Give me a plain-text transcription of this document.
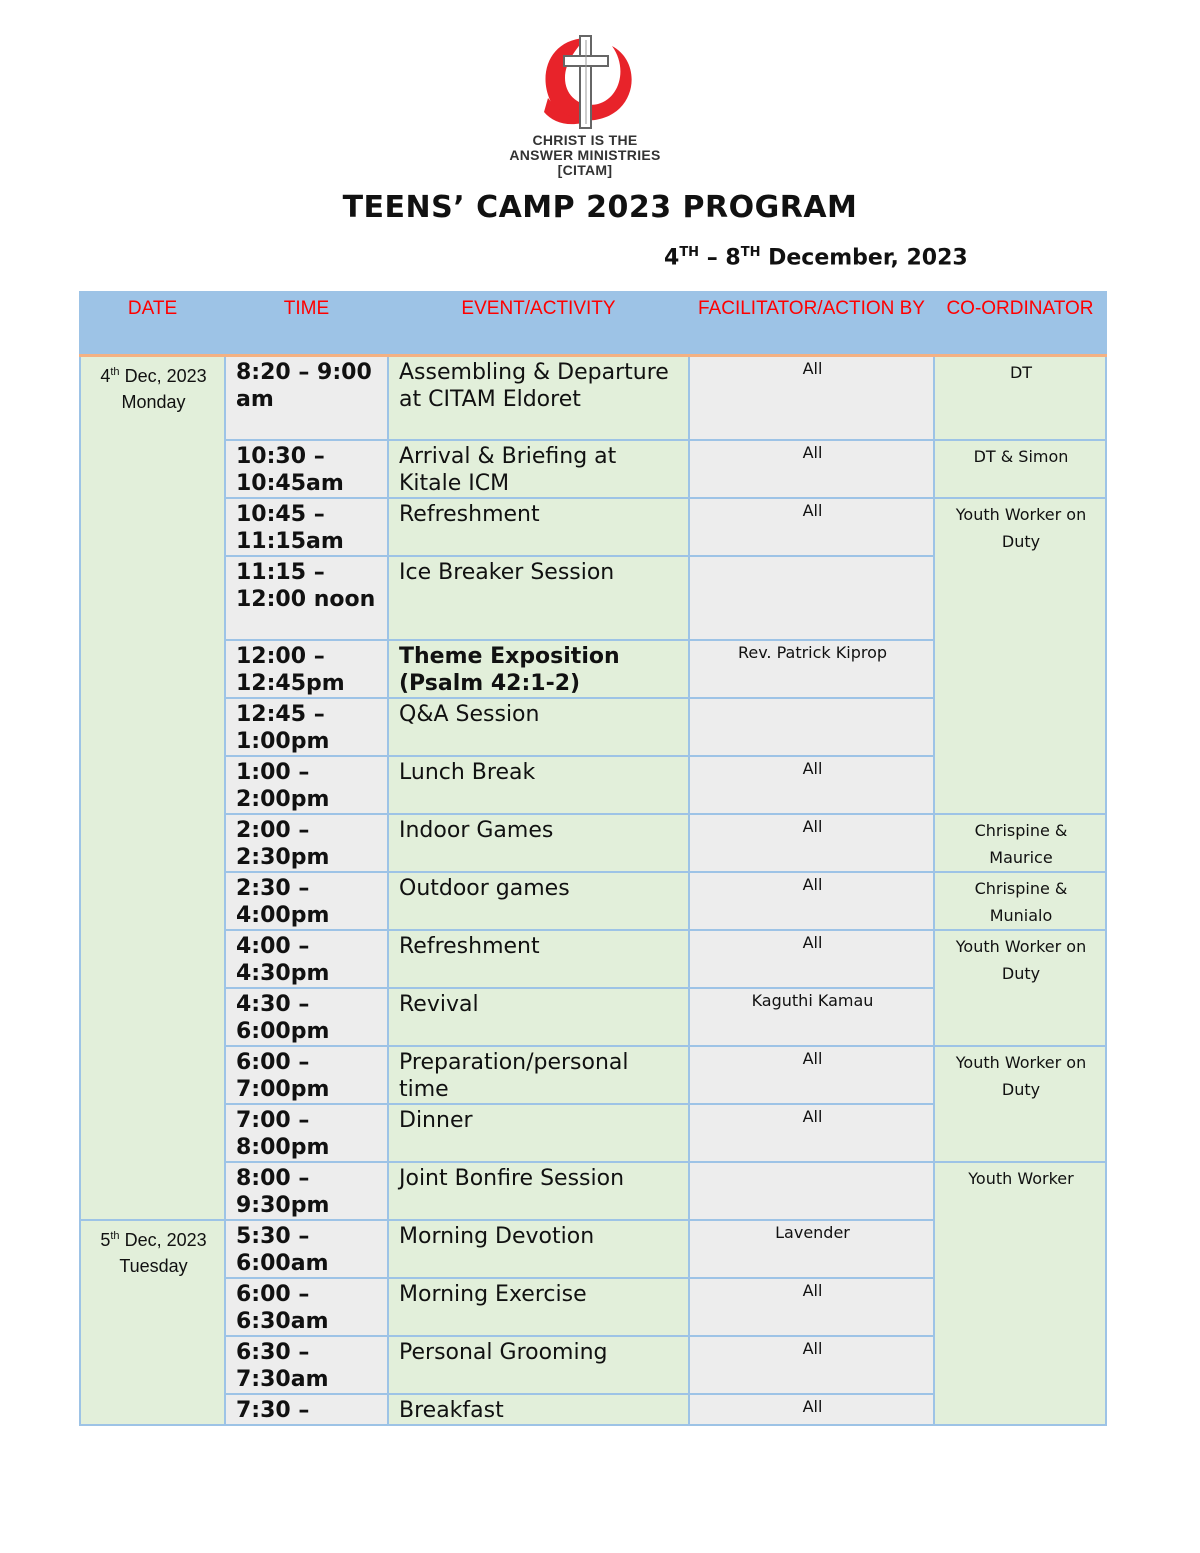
CHRIST IS THE
ANSWER MINISTRIES
[CITAM]
TEENS’ CAMP 2023 PROGRAM
4TH – 8TH December, 2023
DATE	TIME	EVENT/ACTIVITY	FACILITATOR/ACTION BY	CO-ORDINATOR
4th Dec, 2023
Monday	8:20 – 9:00 am	Assembling & Departure at CITAM Eldoret	All	DT
	10:30 – 10:45am	Arrival & Briefing at Kitale ICM	All	DT & Simon
	10:45 – 11:15am	Refreshment	All	Youth Worker on Duty
	11:15 – 12:00 noon	Ice Breaker Session		
	12:00 – 12:45pm	Theme Exposition (Psalm 42:1-2)	Rev. Patrick Kiprop	
	12:45 – 1:00pm	Q&A Session		
	1:00 – 2:00pm	Lunch Break	All	
	2:00 – 2:30pm	Indoor Games	All	Chrispine & Maurice
	2:30 – 4:00pm	Outdoor games	All	Chrispine & Munialo
	4:00 – 4:30pm	Refreshment	All	Youth Worker on Duty
	4:30 – 6:00pm	Revival	Kaguthi Kamau	
	6:00 – 7:00pm	Preparation/personal time	All	Youth Worker on Duty
	7:00 – 8:00pm	Dinner	All	
	8:00 – 9:30pm	Joint Bonfire Session		Youth Worker
5th Dec, 2023
Tuesday	5:30 – 6:00am	Morning Devotion	Lavender	
	6:00 – 6:30am	Morning Exercise	All	
	6:30 – 7:30am	Personal Grooming	All	
	7:30 –	Breakfast	All	
